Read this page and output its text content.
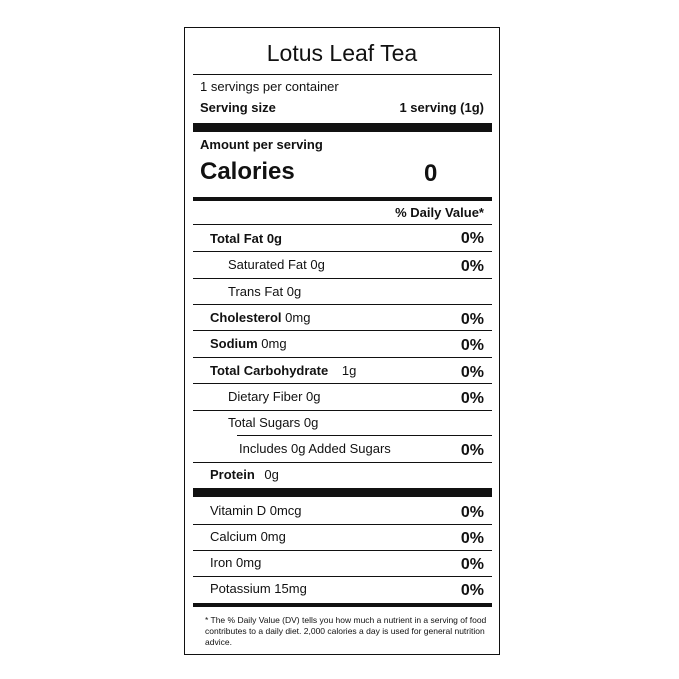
Lotus Leaf Tea
1 servings per container
Serving size	1 serving (1g)
Amount per serving
Calories	0
% Daily Value*
Total Fat 0g	0%
Saturated Fat 0g	0%
Trans Fat 0g
Cholesterol 0mg	0%
Sodium 0mg	0%
Total Carbohydrate 1g	0%
Dietary Fiber 0g	0%
Total Sugars 0g
Includes 0g Added Sugars	0%
Protein 0g
Vitamin D 0mcg	0%
Calcium 0mg	0%
Iron 0mg	0%
Potassium 15mg	0%
* The % Daily Value (DV) tells you how much a nutrient in a serving of food contributes to a daily diet. 2,000 calories a day is used for general nutrition advice.
